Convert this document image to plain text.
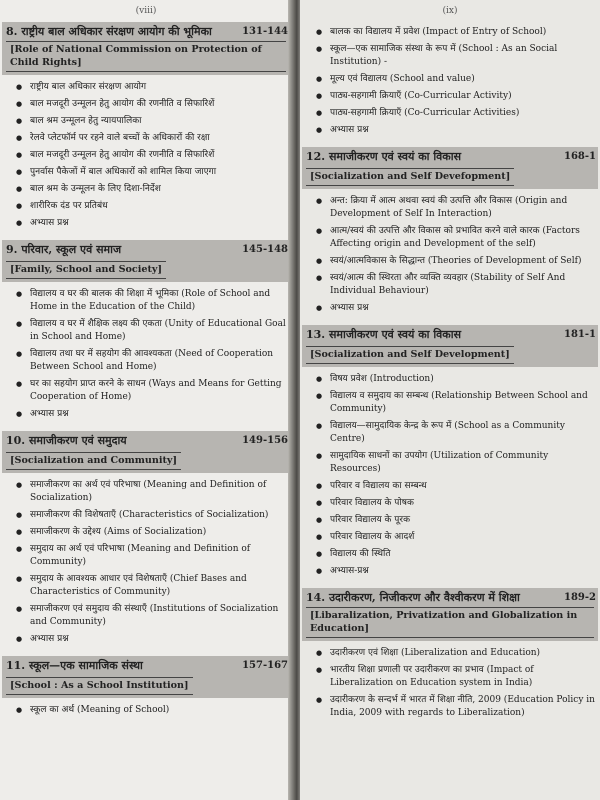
(viii)
8. राष्ट्रीय बाल अधिकार संरक्षण आयोग की भूमिका	131-144
[Role of National Commission on Protection of Child Rights]
● राष्ट्रीय बाल अधिकार संरक्षण आयोग
● बाल मजदूरी उन्मूलन हेतु आयोग की रणनीति व सिफारिशें
● बाल श्रम उन्मूलन हेतु न्यायपालिका
● रेलवे प्लेटफॉर्म पर रहने वाले बच्चों के अधिकारों की रक्षा
● बाल मजदूरी उन्मूलन हेतु आयोग की रणनीति व सिफारिशें
● पुनर्वास पैकेजों में बाल अधिकारों को शामिल किया जाएगा
● बाल श्रम के उन्मूलन के लिए दिशा-निर्देश
● शारीरिक दंड पर प्रतिबंध
● अभ्यास प्रश्न
9. परिवार, स्कूल एवं समाज	145-148
[Family, School and Society]
● विद्यालय व घर की बालक की शिक्षा में भूमिका (Role of School and Home in the Education of the Child)
● विद्यालय व घर में शैक्षिक लक्ष्य की एकता (Unity of Educational Goal in School and Home)
● विद्यालय तथा घर में सहयोग की आवश्यकता (Need of Cooperation Between School and Home)
● घर का सहयोग प्राप्त करने के साधन (Ways and Means for Getting Cooperation of Home)
● अभ्यास प्रश्न
10. समाजीकरण एवं समुदाय	149-156
[Socialization and Community]
● समाजीकरण का अर्थ एवं परिभाषा (Meaning and Definition of Socialization)
● समाजीकरण की विशेषताएँ (Characteristics of Socialization)
● समाजीकरण के उद्देश्य (Aims of Socialization)
● समुदाय का अर्थ एवं परिभाषा (Meaning and Definition of Community)
● समुदाय के आवश्यक आधार एवं विशेषताएँ (Chief Bases and Characteristics of Community)
● समाजीकरण एवं समुदाय की संस्थाएँ (Institutions of Socialization and Community)
● अभ्यास प्रश्न
11. स्कूल—एक सामाजिक संस्था	157-167
[School : As a School Institution]
● स्कूल का अर्थ (Meaning of School)
(ix)
● बालक का विद्यालय में प्रवेश (Impact of Entry of School)
● स्कूल—एक सामाजिक संस्था के रूप में (School : As an Social Institution) -
● मूल्य एवं विद्यालय (School and value)
● पाठ्य-सहगामी क्रियाएँ (Co-Curricular Activity)
● पाठ्य-सहगामी क्रियाएँ (Co-Curricular Activities)
● अभ्यास प्रश्न
12. समाजीकरण एवं स्वयं का विकास	168-1
[Socialization and Self Devefopment]
● अन्त: क्रिया में आत्म अथवा स्वयं की उत्पत्ति और विकास (Origin and Development of Self In Interaction)
● आत्म/स्वयं की उत्पत्ति और विकास को प्रभावित करने वाले कारक (Factors Affecting origin and Development of the self)
● स्वयं/आत्मविकास के सिद्धान्त (Theories of Development of Self)
● स्वयं/आत्म की स्थिरता और व्यक्ति व्यवहार (Stability of Self And Individual Behaviour)
● अभ्यास प्रश्न
13. समाजीकरण एवं स्वयं का विकास	181-1
[Socialization and Self Development]
● विषय प्रवेश (Introduction)
● विद्यालय व समुदाय का सम्बन्ध (Relationship Between School and Community)
● विद्यालय—सामुदायिक केन्द्र के रूप में (School as a Community Centre)
● सामुदायिक साधनों का उपयोग (Utilization of Community Resources)
● परिवार व विद्यालय का सम्बन्ध
● परिवार विद्यालय के पोषक
● परिवार विद्यालय के पूरक
● परिवार विद्यालय के आदर्श
● विद्यालय की स्थिति
● अभ्यास-प्रश्न
14. उदारीकरण, निजीकरण और वैश्वीकरण में शिक्षा	189-2
[Libaralization, Privatization and Globalization in Education]
● उदारीकरण एवं शिक्षा (Liberalization and Education)
● भारतीय शिक्षा प्रणाली पर उदारीकरण का प्रभाव (Impact of Liberalization on Education system in India)
● उदारीकरण के सन्दर्भ में भारत में शिक्षा नीति, 2009 (Education Policy in India, 2009 with regards to Liberalization)
